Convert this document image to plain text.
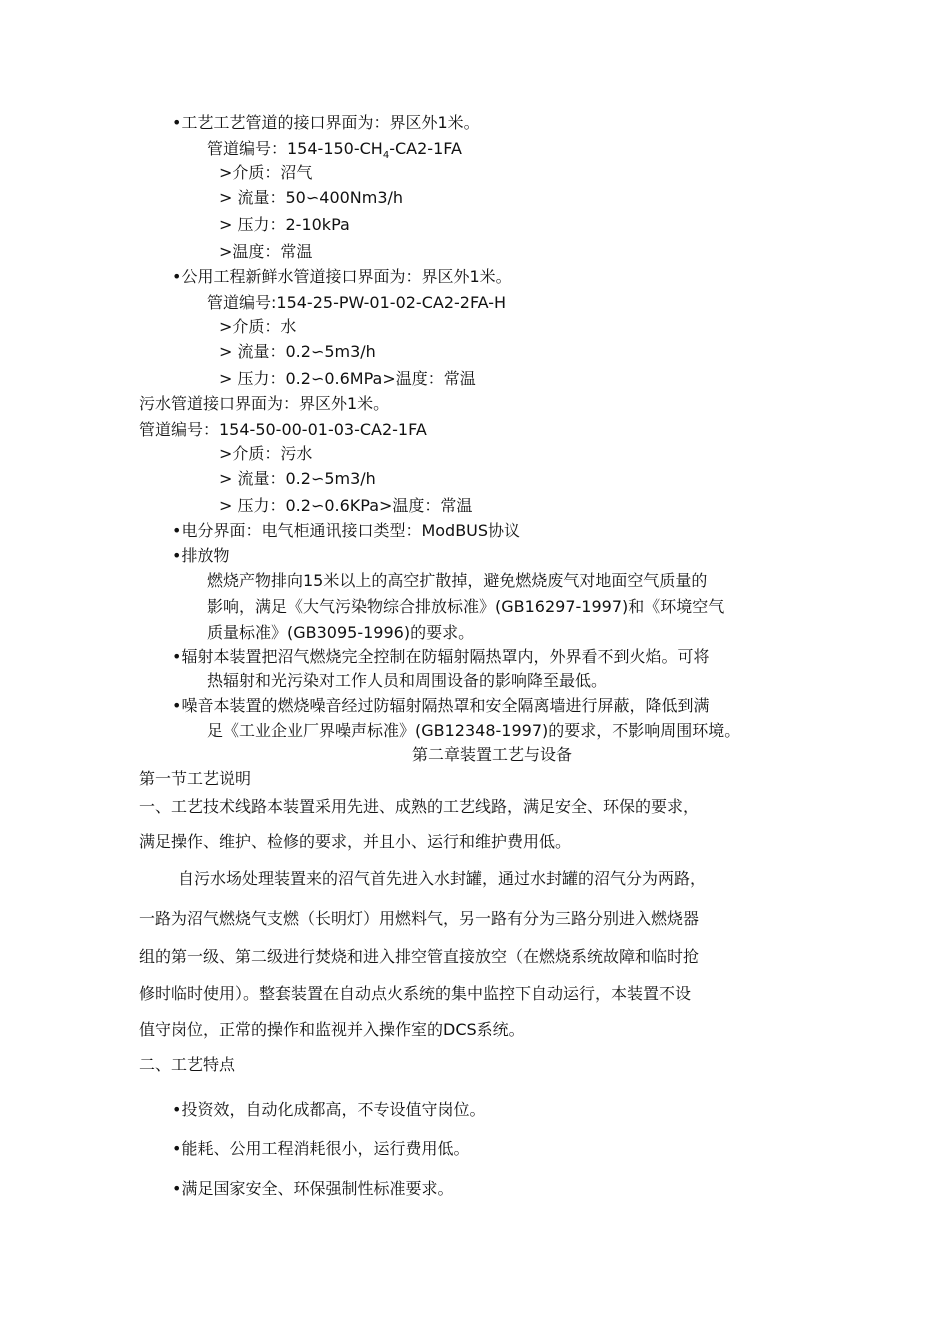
•工艺工艺管道的接口界面为：界区外1米。

管道编号：$154-150-CH_4-CA2-1FA$

>介质：沼气

> 流量：50∽400Nm3/h

> 压力：2-10kPa

>温度：常温

•公用工程新鲜水管道接口界面为：界区外1米。

管道编号:154-25-PW-01-02-CA2-2FA-H

>介质：水

> 流量：0.2∽5m3/h

> 压力：0.2∽0.6MPa>温度：常温

污水管道接口界面为：界区外1米。

管道编号：154-50-00-01-03-CA2-1FA

>介质：污水

> 流量：0.2∽5m3/h

> 压力：0.2∽0.6KPa>温度：常温

•电分界面：电气柜通讯接口类型：ModBUS协议

•排放物

燃烧产物排向15米以上的高空扩散掉，避免燃烧废气对地面空气质量的

影响，满足《大气污染物综合排放标准》(GB16297-1997)和《环境空气

质量标准》(GB3095-1996)的要求。

•辐射本装置把沼气燃烧完全控制在防辐射隔热罩内，外界看不到火焰。可将

热辐射和光污染对工作人员和周围设备的影响降至最低。

•噪音本装置的燃烧噪音经过防辐射隔热罩和安全隔离墙进行屏蔽，降低到满

足《工业企业厂界噪声标准》(GB12348-1997)的要求，不影响周围环境。

第二章装置工艺与设备

第一节工艺说明

一、工艺技术线路本装置采用先进、成熟的工艺线路，满足安全、环保的要求，

满足操作、维护、检修的要求，并且小、运行和维护费用低。

自污水场处理装置来的沼气首先进入水封罐，通过水封罐的沼气分为两路，

一路为沼气燃烧气支燃（长明灯）用燃料气，另一路有分为三路分别进入燃烧器

组的第一级、第二级进行焚烧和进入排空管直接放空（在燃烧系统故障和临时抢

修时临时使用）。整套装置在自动点火系统的集中监控下自动运行，本装置不设

值守岗位，正常的操作和监视并入操作室的DCS系统。

二、工艺特点

•投资效，自动化成都高，不专设值守岗位。

•能耗、公用工程消耗很小，运行费用低。

•满足国家安全、环保强制性标准要求。
